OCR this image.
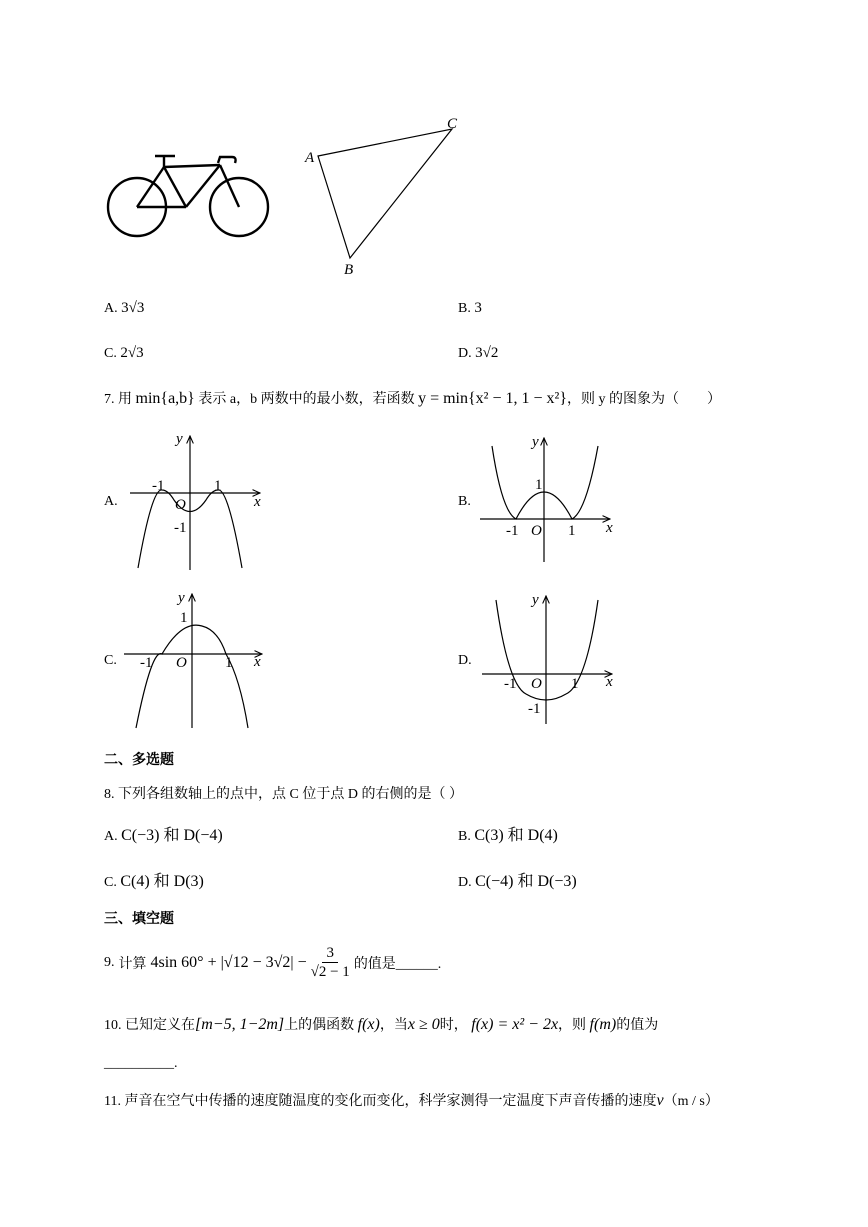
A
C
B
A. 3√3	B. 3
C. 2√3	D. 3√2
7. 用 min{a,b} 表示 a，b 两数中的最小数，若函数 y = min{x² − 1, 1 − x²}，则 y 的图象为（　　）
A.
y
x
O
-1	1
-1
B.
y
x
O
-1	1
1
C.
y
x
O
-1	1
1
D.
y
x
O
-1	1
-1
二、多选题
8. 下列各组数轴上的点中，点 C 位于点 D 的右侧的是（ ）
A. C(−3) 和 D(−4)	B. C(3) 和 D(4)
C. C(4) 和 D(3)	D. C(−4) 和 D(−3)
三、填空题
9. 计算 4sin $60^\circ + |√12 - 3√2| - \frac{3}{√2 - 1}$ 的值是______.
10. 已知定义在[m−5, 1−2m]上的偶函数 f(x)，当x ≥ 0时， f(x) = x² − 2x，则 f(m)的值为
__________.
11. 声音在空气中传播的速度随温度的变化而变化，科学家测得一定温度下声音传播的速度v（m / s）
